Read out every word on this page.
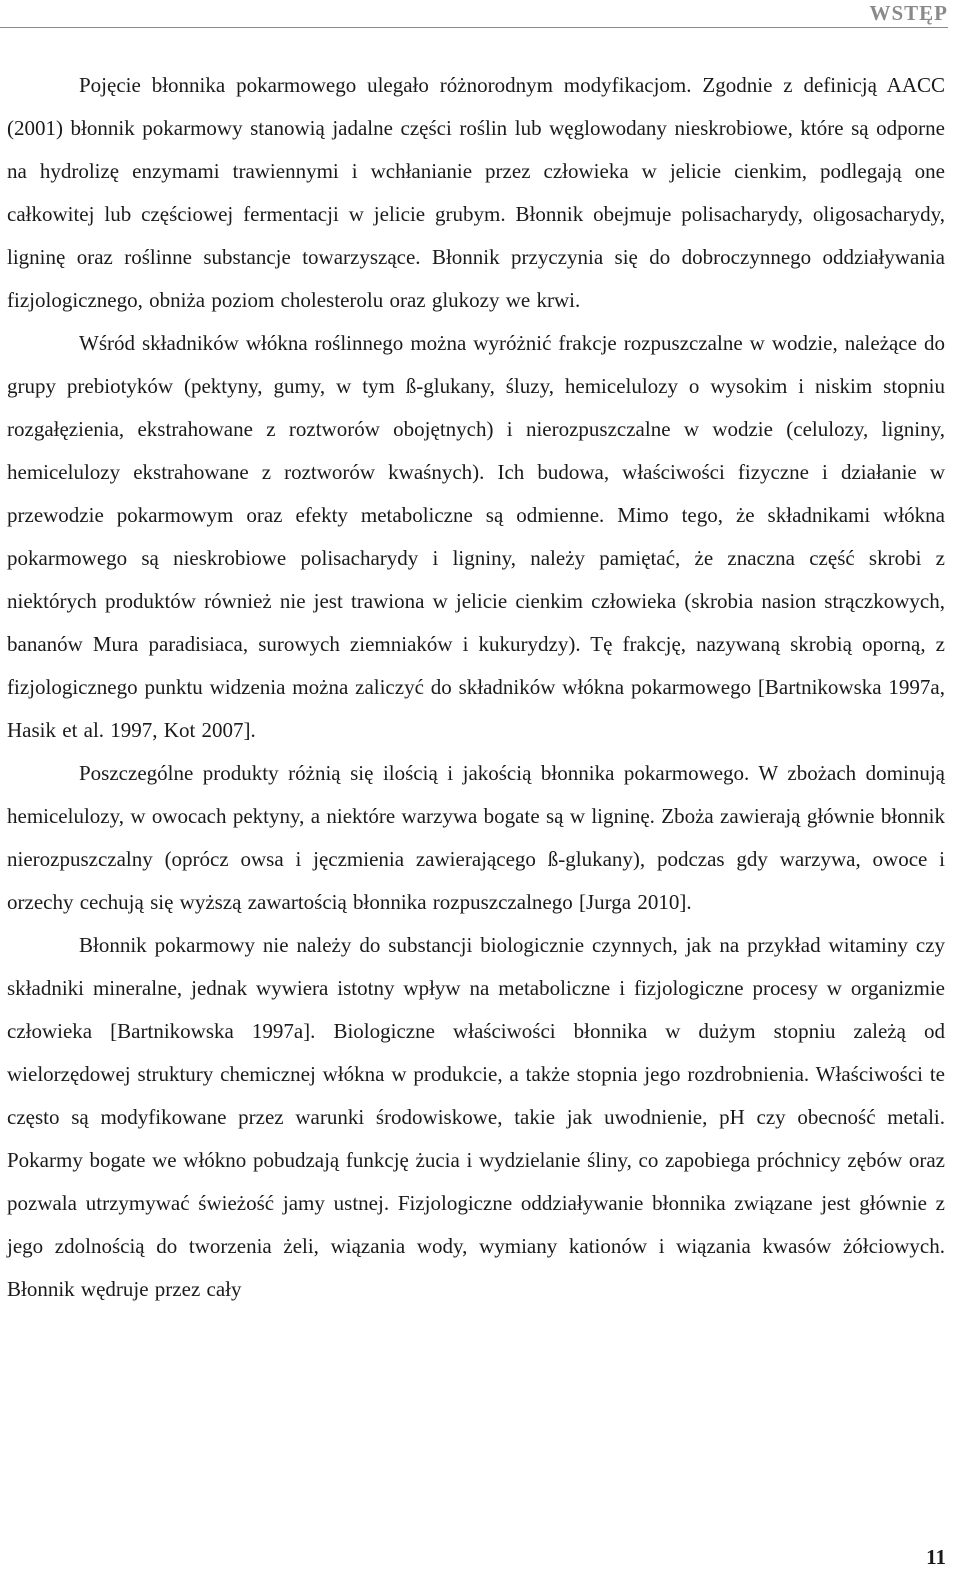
WSTĘP

Pojęcie błonnika pokarmowego ulegało różnorodnym modyfikacjom. Zgodnie z definicją AACC (2001) błonnik pokarmowy stanowią jadalne części roślin lub węglowodany nieskrobiowe, które są odporne na hydrolizę enzymami trawiennymi i wchłanianie przez człowieka w jelicie cienkim, podlegają one całkowitej lub częściowej fermentacji w jelicie grubym. Błonnik obejmuje polisacharydy, oligosacharydy, ligninę oraz roślinne substancje towarzyszące. Błonnik przyczynia się do dobroczynnego oddziaływania fizjologicznego, obniża poziom cholesterolu oraz glukozy we krwi.

Wśród składników włókna roślinnego można wyróżnić frakcje rozpuszczalne w wodzie, należące do grupy prebiotyków (pektyny, gumy, w tym ß-glukany, śluzy, hemicelulozy o wysokim i niskim stopniu rozgałęzienia, ekstrahowane z roztworów obojętnych) i nierozpuszczalne w wodzie (celulozy, ligniny, hemicelulozy ekstrahowane z roztworów kwaśnych). Ich budowa, właściwości fizyczne i działanie w przewodzie pokarmowym oraz efekty metaboliczne są odmienne. Mimo tego, że składnikami włókna pokarmowego są nieskrobiowe polisacharydy i ligniny, należy pamiętać, że znaczna część skrobi z niektórych produktów również nie jest trawiona w jelicie cienkim człowieka (skrobia nasion strączkowych, bananów Mura paradisiaca, surowych ziemniaków i kukurydzy). Tę frakcję, nazywaną skrobią oporną, z fizjologicznego punktu widzenia można zaliczyć do składników włókna pokarmowego [Bartnikowska 1997a, Hasik et al. 1997, Kot 2007].

Poszczególne produkty różnią się ilością i jakością błonnika pokarmowego. W zbożach dominują hemicelulozy, w owocach pektyny, a niektóre warzywa bogate są w ligninę. Zboża zawierają głównie błonnik nierozpuszczalny (oprócz owsa i jęczmienia zawierającego ß-glukany), podczas gdy warzywa, owoce i orzechy cechują się wyższą zawartością błonnika rozpuszczalnego [Jurga 2010].

Błonnik pokarmowy nie należy do substancji biologicznie czynnych, jak na przykład witaminy czy składniki mineralne, jednak wywiera istotny wpływ na metaboliczne i fizjologiczne procesy w organizmie człowieka [Bartnikowska 1997a]. Biologiczne właściwości błonnika w dużym stopniu zależą od wielorzędowej struktury chemicznej włókna w produkcie, a także stopnia jego rozdrobnienia. Właściwości te często są modyfikowane przez warunki środowiskowe, takie jak uwodnienie, pH czy obecność metali. Pokarmy bogate we włókno pobudzają funkcję żucia i wydzielanie śliny, co zapobiega próchnicy zębów oraz pozwala utrzymywać świeżość jamy ustnej. Fizjologiczne oddziaływanie błonnika związane jest głównie z jego zdolnością do tworzenia żeli, wiązania wody, wymiany kationów i wiązania kwasów żółciowych. Błonnik wędruje przez cały

11
